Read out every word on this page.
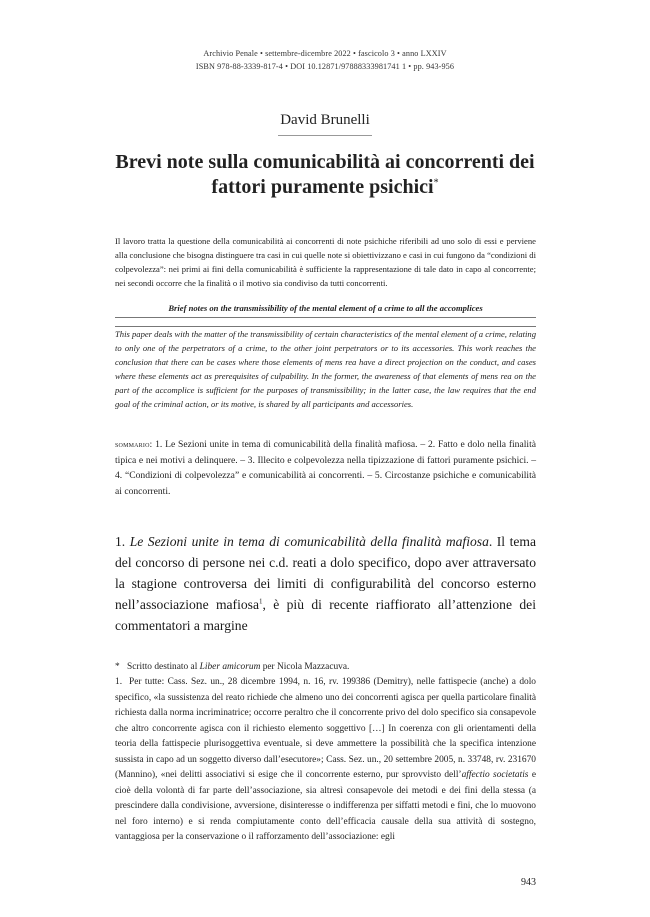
Archivio Penale • settembre-dicembre 2022 • fascicolo 3 • anno LXXIV
ISBN 978-88-3339-817-4 • DOI 10.12871/97888333981741 1 • pp. 943-956
David Brunelli
Brevi note sulla comunicabilità ai concorrenti dei fattori puramente psichici*
Il lavoro tratta la questione della comunicabilità ai concorrenti di note psichiche riferibili ad uno solo di essi e perviene alla conclusione che bisogna distinguere tra casi in cui quelle note si obiettivizzano e casi in cui fungono da “condizioni di colpevolezza”: nei primi ai fini della comunicabilità è sufficiente la rappresentazione di tale dato in capo al concorrente; nei secondi occorre che la finalità o il motivo sia condiviso da tutti concorrenti.
Brief notes on the transmissibility of the mental element of a crime to all the accomplices
This paper deals with the matter of the transmissibility of certain characteristics of the mental element of a crime, relating to only one of the perpetrators of a crime, to the other joint perpetrators or to its accessories. This work reaches the conclusion that there can be cases where those elements of mens rea have a direct projection on the conduct, and cases where these elements act as prerequisites of culpability. In the former, the awareness of that elements of mens rea on the part of the accomplice is sufficient for the purposes of transmissibility; in the latter case, the law requires that the end goal of the criminal action, or its motive, is shared by all participants and accessories.
sommario: 1. Le Sezioni unite in tema di comunicabilità della finalità mafiosa. – 2. Fatto e dolo nella finalità tipica e nei motivi a delinquere. – 3. Illecito e colpevolezza nella tipizzazione di fattori puramente psichici. – 4. “Condizioni di colpevolezza” e comunicabilità ai concorrenti. – 5. Circostanze psichiche e comunicabilità ai concorrenti.
1. Le Sezioni unite in tema di comunicabilità della finalità mafiosa. Il tema del concorso di persone nei c.d. reati a dolo specifico, dopo aver attraversato la stagione controversa dei limiti di configurabilità del concorso esterno nell’associazione mafiosa$^1$, è più di recente riaffiorato all’attenzione dei commentatori a margine
* Scritto destinato al Liber amicorum per Nicola Mazzacuva.
1. Per tutte: Cass. Sez. un., 28 dicembre 1994, n. 16, rv. 199386 (Demitry), nelle fattispecie (anche) a dolo specifico, «la sussistenza del reato richiede che almeno uno dei concorrenti agisca per quella particolare finalità richiesta dalla norma incriminatrice; occorre peraltro che il concorrente privo del dolo specifico sia consapevole che altro concorrente agisca con il richiesto elemento soggettivo […] In coerenza con gli orientamenti della teoria della fattispecie plurisoggettiva eventuale, si deve ammettere la possibilità che la specifica intenzione sussista in capo ad un soggetto diverso dall’esecutore»; Cass. Sez. un., 20 settembre 2005, n. 33748, rv. 231670 (Mannino), «nei delitti associativi si esige che il concorrente esterno, pur sprovvisto dell’affectio societatis e cioè della volontà di far parte dell’associazione, sia altresì consapevole dei metodi e dei fini della stessa (a prescindere dalla condivisione, avversione, disinteresse o indifferenza per siffatti metodi e fini, che lo muovono nel foro interno) e si renda compiutamente conto dell’efficacia causale della sua attività di sostegno, vantaggiosa per la conservazione o il rafforzamento dell’associazione: egli
943
